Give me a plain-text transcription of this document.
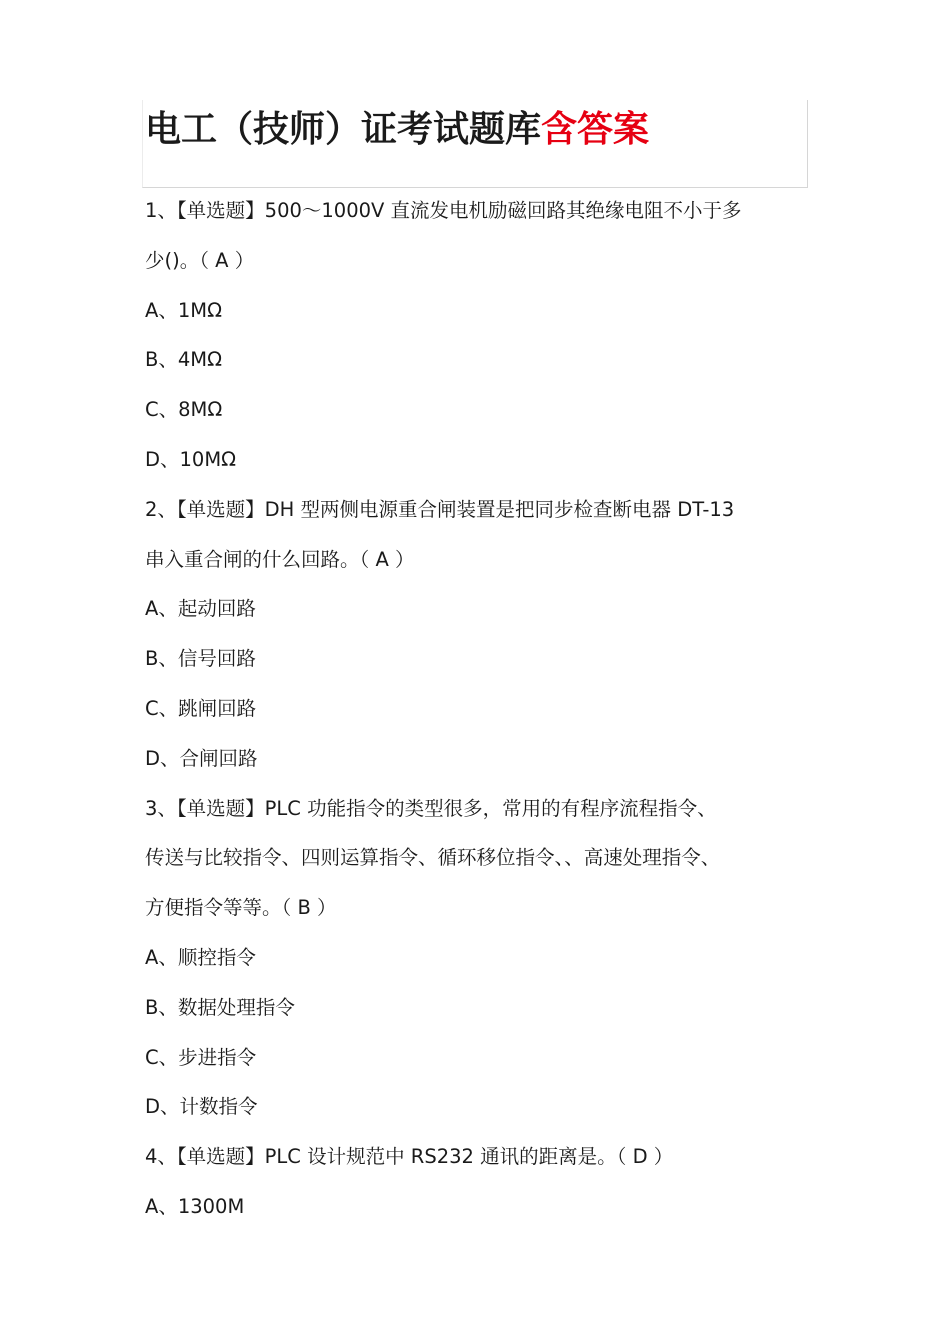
电工（技师）证考试题库含答案
1、【单选题】500～1000V 直流发电机励磁回路其绝缘电阻不小于多
少()。（ A ）
A、1MΩ
B、4MΩ
C、8MΩ
D、10MΩ
2、【单选题】DH 型两侧电源重合闸装置是把同步检查断电器 DT-13
串入重合闸的什么回路。（ A ）
A、起动回路
B、信号回路
C、跳闸回路
D、合闸回路
3、【单选题】PLC 功能指令的类型很多，常用的有程序流程指令、
传送与比较指令、四则运算指令、循环移位指令、、高速处理指令、
方便指令等等。（ B ）
A、顺控指令
B、数据处理指令
C、步进指令
D、计数指令
4、【单选题】PLC 设计规范中 RS232 通讯的距离是。（ D ）
A、1300M
